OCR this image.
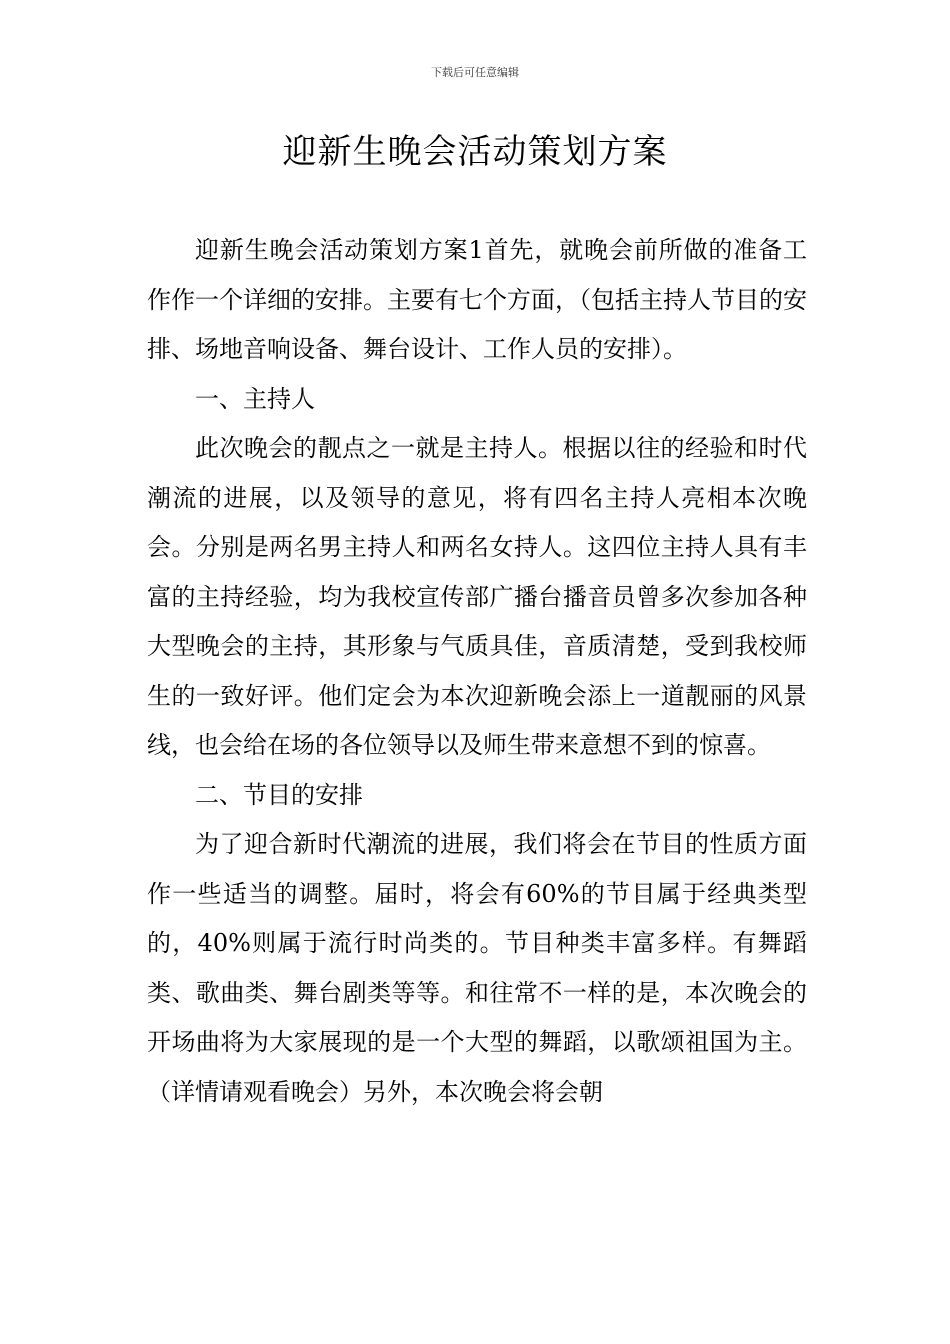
下载后可任意编辑
迎新生晚会活动策划方案

迎新生晚会活动策划方案1首先，就晚会前所做的准备工作作一个详细的安排。主要有七个方面，（包括主持人节目的安排、场地音响设备、舞台设计、工作人员的安排）。

一、主持人

此次晚会的靓点之一就是主持人。根据以往的经验和时代潮流的进展，以及领导的意见，将有四名主持人亮相本次晚会。分别是两名男主持人和两名女持人。这四位主持人具有丰富的主持经验，均为我校宣传部广播台播音员曾多次参加各种大型晚会的主持，其形象与气质具佳，音质清楚，受到我校师生的一致好评。他们定会为本次迎新晚会添上一道靓丽的风景线，也会给在场的各位领导以及师生带来意想不到的惊喜。

二、节目的安排

为了迎合新时代潮流的进展，我们将会在节目的性质方面作一些适当的调整。届时，将会有60%的节目属于经典类型的，40%则属于流行时尚类的。节目种类丰富多样。有舞蹈类、歌曲类、舞台剧类等等。和往常不一样的是，本次晚会的开场曲将为大家展现的是一个大型的舞蹈，以歌颂祖国为主。（详情请观看晚会）另外，本次晚会将会朝
